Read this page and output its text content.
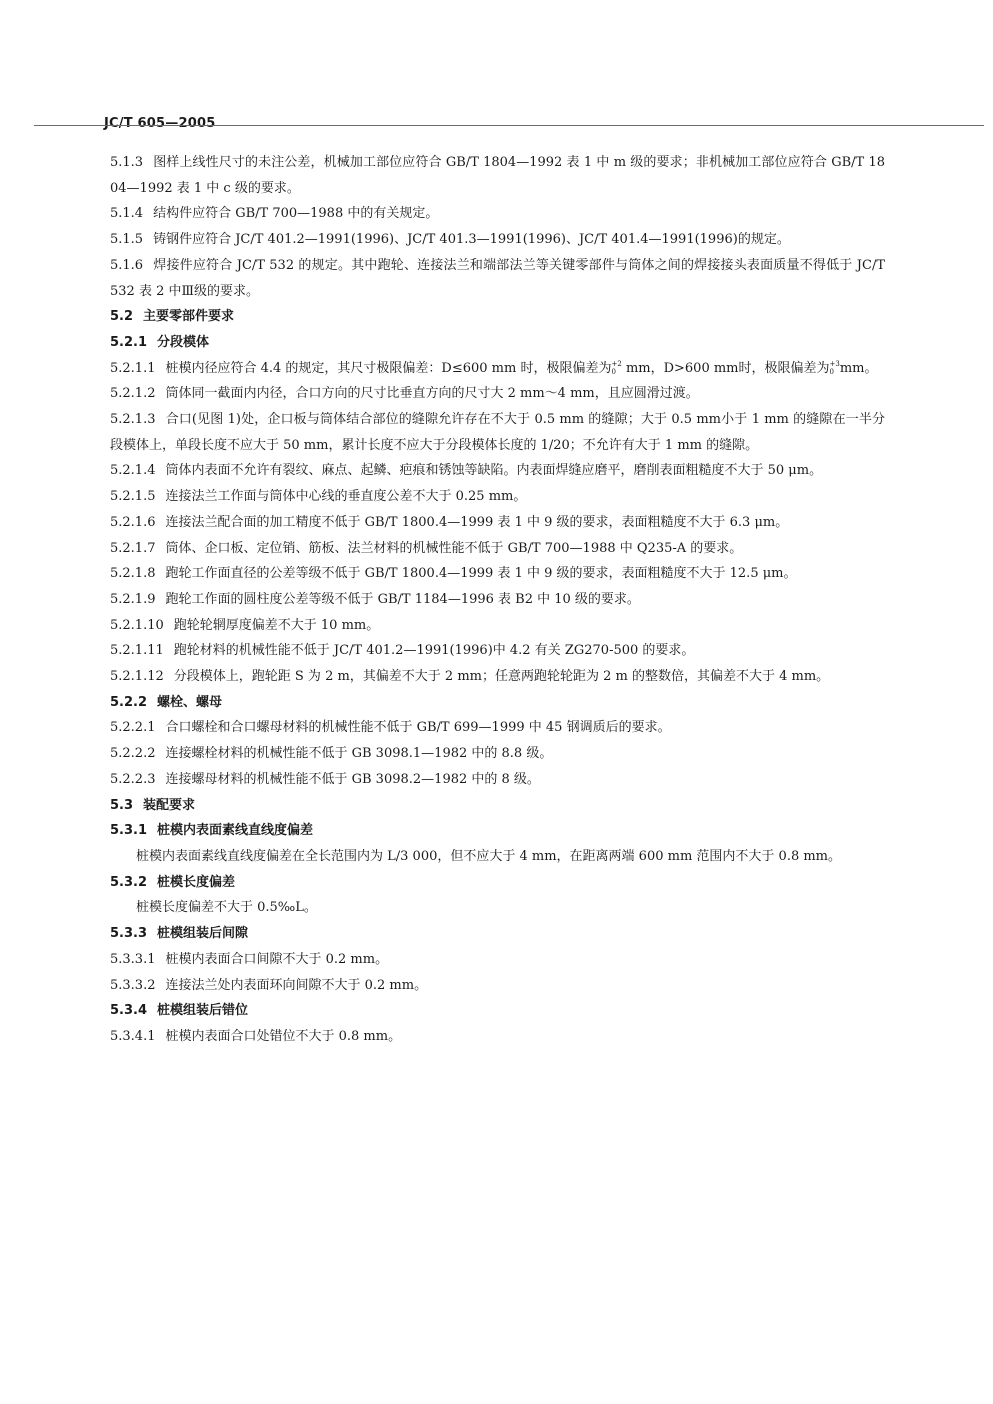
JC/T 605—2005

5.1.3 图样上线性尺寸的未注公差，机械加工部位应符合 GB/T 1804—1992 表 1 中 m 级的要求；非机械加工部位应符合 GB/T 1804—1992 表 1 中 c 级的要求。

5.1.4 结构件应符合 GB/T 700—1988 中的有关规定。

5.1.5 铸钢件应符合 JC/T 401.2—1991(1996)、JC/T 401.3—1991(1996)、JC/T 401.4—1991(1996)的规定。

5.1.6 焊接件应符合 JC/T 532 的规定。其中跑轮、连接法兰和端部法兰等关键零部件与筒体之间的焊接接头表面质量不得低于 JC/T 532 表 2 中Ⅲ级的要求。

5.2 主要零部件要求

5.2.1 分段模体

5.2.1.1 桩模内径应符合 4.4 的规定，其尺寸极限偏差：D≤600 mm 时，极限偏差为 +2
0 mm，D>600 mm时，极限偏差为 +3
0 mm。

5.2.1.2 筒体同一截面内内径，合口方向的尺寸比垂直方向的尺寸大 2 mm～4 mm，且应圆滑过渡。

5.2.1.3 合口(见图 1)处，企口板与筒体结合部位的缝隙允许存在不大于 0.5 mm 的缝隙；大于 0.5 mm小于 1 mm 的缝隙在一半分段模体上，单段长度不应大于 50 mm，累计长度不应大于分段模体长度的 1/20；不允许有大于 1 mm 的缝隙。

5.2.1.4 筒体内表面不允许有裂纹、麻点、起鳞、疤痕和锈蚀等缺陷。内表面焊缝应磨平，磨削表面粗糙度不大于 50 μm。

5.2.1.5 连接法兰工作面与筒体中心线的垂直度公差不大于 0.25 mm。

5.2.1.6 连接法兰配合面的加工精度不低于 GB/T 1800.4—1999 表 1 中 9 级的要求，表面粗糙度不大于 6.3 μm。

5.2.1.7 筒体、企口板、定位销、筋板、法兰材料的机械性能不低于 GB/T 700—1988 中 Q235-A 的要求。

5.2.1.8 跑轮工作面直径的公差等级不低于 GB/T 1800.4—1999 表 1 中 9 级的要求，表面粗糙度不大于 12.5 μm。

5.2.1.9 跑轮工作面的圆柱度公差等级不低于 GB/T 1184—1996 表 B2 中 10 级的要求。

5.2.1.10 跑轮轮辋厚度偏差不大于 10 mm。

5.2.1.11 跑轮材料的机械性能不低于 JC/T 401.2—1991(1996)中 4.2 有关 ZG270-500 的要求。

5.2.1.12 分段模体上，跑轮距 S 为 2 m，其偏差不大于 2 mm；任意两跑轮轮距为 2 m 的整数倍，其偏差不大于 4 mm。

5.2.2 螺栓、螺母

5.2.2.1 合口螺栓和合口螺母材料的机械性能不低于 GB/T 699—1999 中 45 钢调质后的要求。

5.2.2.2 连接螺栓材料的机械性能不低于 GB 3098.1—1982 中的 8.8 级。

5.2.2.3 连接螺母材料的机械性能不低于 GB 3098.2—1982 中的 8 级。

5.3 装配要求

5.3.1 桩模内表面素线直线度偏差

桩模内表面素线直线度偏差在全长范围内为 L/3 000，但不应大于 4 mm，在距离两端 600 mm 范围内不大于 0.8 mm。

5.3.2 桩模长度偏差

桩模长度偏差不大于 0.5‰L。

5.3.3 桩模组装后间隙

5.3.3.1 桩模内表面合口间隙不大于 0.2 mm。

5.3.3.2 连接法兰处内表面环向间隙不大于 0.2 mm。

5.3.4 桩模组装后错位

5.3.4.1 桩模内表面合口处错位不大于 0.8 mm。
